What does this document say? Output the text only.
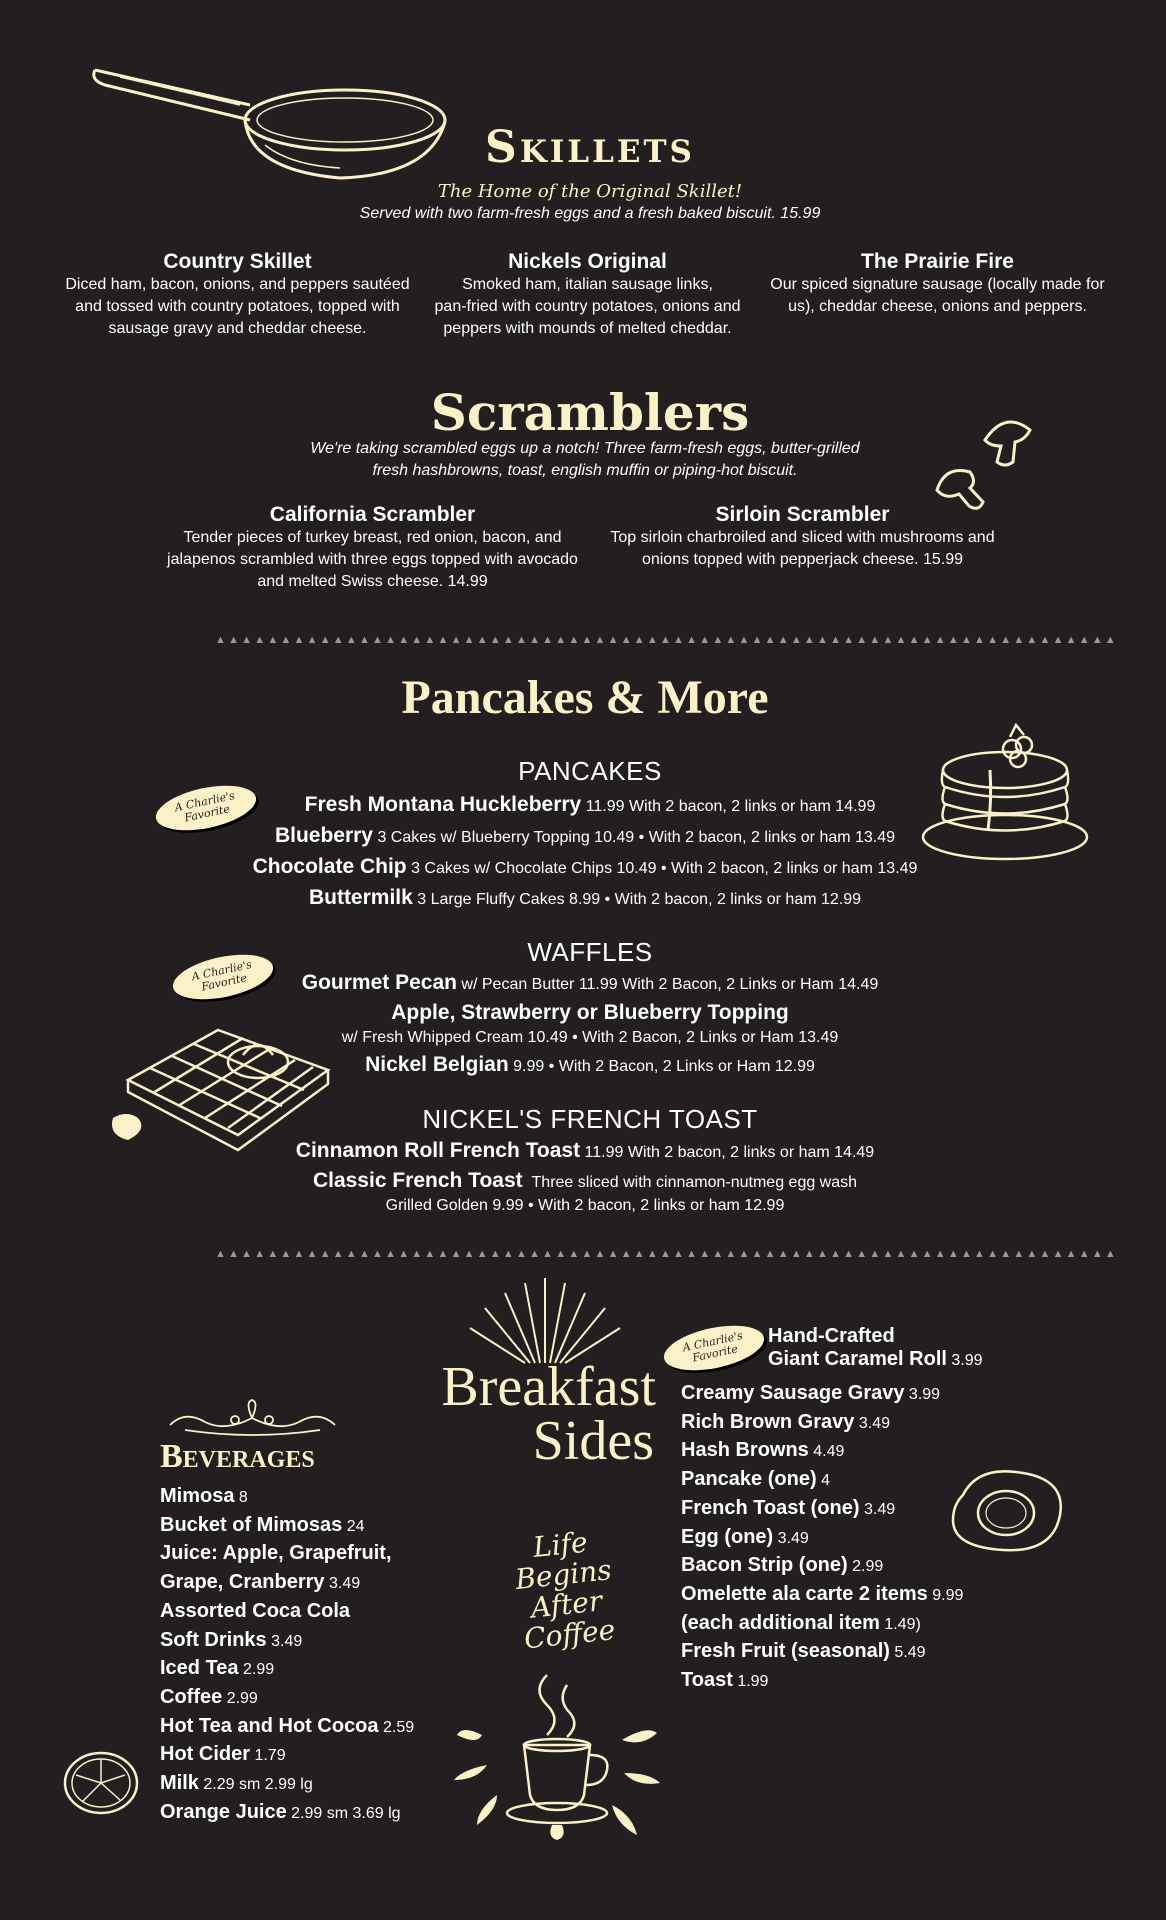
Skillets
The Home of the Original Skillet!
Served with two farm-fresh eggs and a fresh baked biscuit. 15.99
Country Skillet
Diced ham, bacon, onions, and peppers sautéed
and tossed with country potatoes, topped with
sausage gravy and cheddar cheese.
Nickels Original
Smoked ham, italian sausage links,
pan-fried with country potatoes, onions and
peppers with mounds of melted cheddar.
The Prairie Fire
Our spiced signature sausage (locally made for
us), cheddar cheese, onions and peppers.
Scramblers
We're taking scrambled eggs up a notch! Three farm-fresh eggs, butter-grilled
fresh hashbrowns, toast, english muffin or piping-hot biscuit.
California Scrambler
Tender pieces of turkey breast, red onion, bacon, and
jalapenos scrambled with three eggs topped with avocado
and melted Swiss cheese. 14.99
Sirloin Scrambler
Top sirloin charbroiled and sliced with mushrooms and
onions topped with pepperjack cheese. 15.99
▲▲▲▲▲▲▲▲▲▲▲▲▲▲▲▲▲▲▲▲▲▲▲▲▲▲▲▲▲▲▲▲▲▲▲▲▲▲▲▲▲▲▲▲▲▲▲▲▲▲▲▲▲▲▲▲▲▲▲▲▲▲▲▲▲▲▲▲▲
Pancakes & More
PANCAKES
A Charlie's Favorite	Fresh Montana Huckleberry 11.99 With 2 bacon, 2 links or ham 14.99
Blueberry 3 Cakes w/ Blueberry Topping 10.49 • With 2 bacon, 2 links or ham 13.49
Chocolate Chip 3 Cakes w/ Chocolate Chips 10.49 • With 2 bacon, 2 links or ham 13.49
Buttermilk 3 Large Fluffy Cakes 8.99 • With 2 bacon, 2 links or ham 12.99
WAFFLES
A Charlie's Favorite	Gourmet Pecan w/ Pecan Butter 11.99 With 2 Bacon, 2 Links or Ham 14.49
Apple, Strawberry or Blueberry Topping
w/ Fresh Whipped Cream 10.49 • With 2 Bacon, 2 Links or Ham 13.49
Nickel Belgian 9.99 • With 2 Bacon, 2 Links or Ham 12.99
NICKEL'S FRENCH TOAST
Cinnamon Roll French Toast 11.99 With 2 bacon, 2 links or ham 14.49
Classic French Toast Three sliced with cinnamon-nutmeg egg wash
Grilled Golden 9.99 • With 2 bacon, 2 links or ham 12.99
▲▲▲▲▲▲▲▲▲▲▲▲▲▲▲▲▲▲▲▲▲▲▲▲▲▲▲▲▲▲▲▲▲▲▲▲▲▲▲▲▲▲▲▲▲▲▲▲▲▲▲▲▲▲▲▲▲▲▲▲▲▲▲▲▲▲▲▲▲
Breakfast
Sides
A Charlie's Favorite
Hand-Crafted
Giant Caramel Roll 3.99
Creamy Sausage Gravy 3.99
Rich Brown Gravy 3.49
Hash Browns 4.49
Pancake (one) 4
French Toast (one) 3.49
Egg (one) 3.49
Bacon Strip (one) 2.99
Omelette ala carte 2 items 9.99
(each additional item 1.49)
Fresh Fruit (seasonal) 5.49
Toast 1.99
Beverages
Mimosa 8
Bucket of Mimosas 24
Juice: Apple, Grapefruit,
Grape, Cranberry 3.49
Assorted Coca Cola
Soft Drinks 3.49
Iced Tea 2.99
Coffee 2.99
Hot Tea and Hot Cocoa 2.59
Hot Cider 1.79
Milk 2.29 sm 2.99 lg
Orange Juice 2.99 sm 3.69 lg
Life
Begins
After
Coffee
